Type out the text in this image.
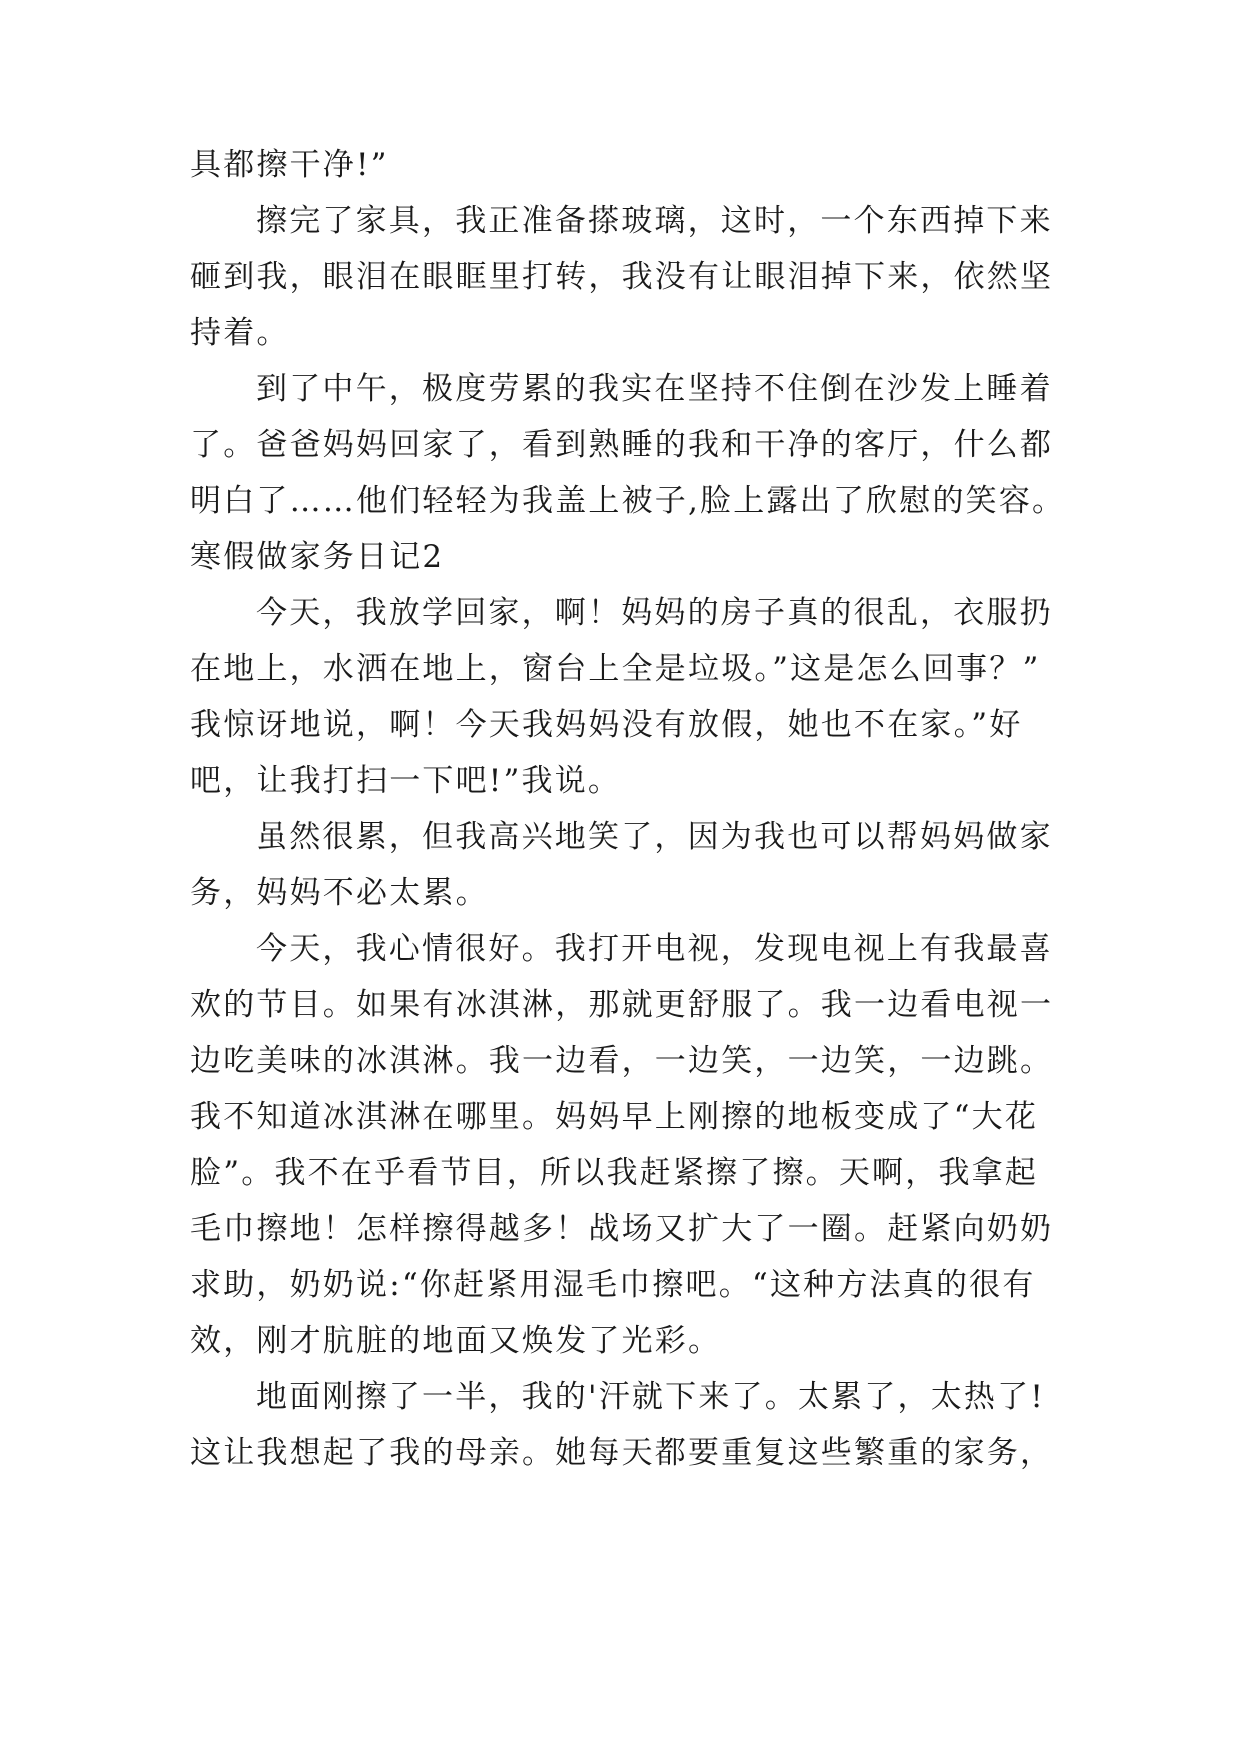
具都擦干净!”
擦完了家具，我正准备搽玻璃，这时，一个东西掉下来
砸到我，眼泪在眼眶里打转，我没有让眼泪掉下来，依然坚
持着。
到了中午，极度劳累的我实在坚持不住倒在沙发上睡着
了。爸爸妈妈回家了，看到熟睡的我和干净的客厅，什么都
明白了……他们轻轻为我盖上被子,脸上露出了欣慰的笑容。
寒假做家务日记2
今天，我放学回家，啊！妈妈的房子真的很乱，衣服扔
在地上，水洒在地上，窗台上全是垃圾。”这是怎么回事？”
我惊讶地说，啊！今天我妈妈没有放假，她也不在家。”好
吧，让我打扫一下吧!”我说。
虽然很累，但我高兴地笑了，因为我也可以帮妈妈做家
务，妈妈不必太累。
今天，我心情很好。我打开电视，发现电视上有我最喜
欢的节目。如果有冰淇淋，那就更舒服了。我一边看电视一
边吃美味的冰淇淋。我一边看，一边笑，一边笑，一边跳。
我不知道冰淇淋在哪里。妈妈早上刚擦的地板变成了“大花
脸”。我不在乎看节目，所以我赶紧擦了擦。天啊，我拿起
毛巾擦地！怎样擦得越多！战场又扩大了一圈。赶紧向奶奶
求助，奶奶说:“你赶紧用湿毛巾擦吧。“这种方法真的很有
效，刚才肮脏的地面又焕发了光彩。
地面刚擦了一半，我的'汗就下来了。太累了，太热了!
这让我想起了我的母亲。她每天都要重复这些繁重的家务，
